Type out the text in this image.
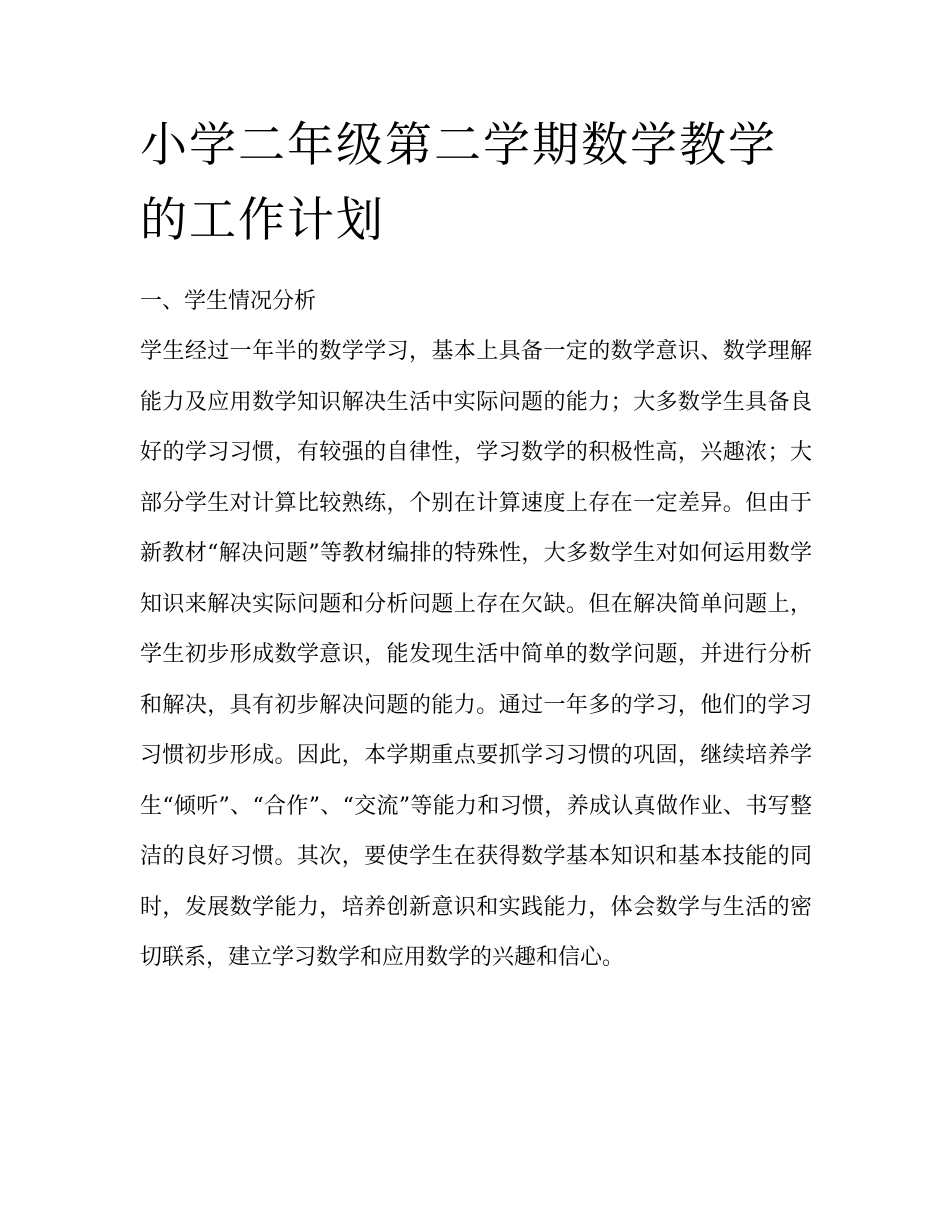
小学二年级第二学期数学教学的工作计划
一、学生情况分析

学生经过一年半的数学学习，基本上具备一定的数学意识、数学理解能力及应用数学知识解决生活中实际问题的能力；大多数学生具备良好的学习习惯，有较强的自律性，学习数学的积极性高，兴趣浓；大部分学生对计算比较熟练，个别在计算速度上存在一定差异。但由于新教材“解决问题”等教材编排的特殊性，大多数学生对如何运用数学知识来解决实际问题和分析问题上存在欠缺。但在解决简单问题上，学生初步形成数学意识，能发现生活中简单的数学问题，并进行分析和解决，具有初步解决问题的能力。通过一年多的学习，他们的学习习惯初步形成。因此，本学期重点要抓学习习惯的巩固，继续培养学生“倾听”、“合作”、“交流”等能力和习惯，养成认真做作业、书写整洁的良好习惯。其次，要使学生在获得数学基本知识和基本技能的同时，发展数学能力，培养创新意识和实践能力，体会数学与生活的密切联系，建立学习数学和应用数学的兴趣和信心。
